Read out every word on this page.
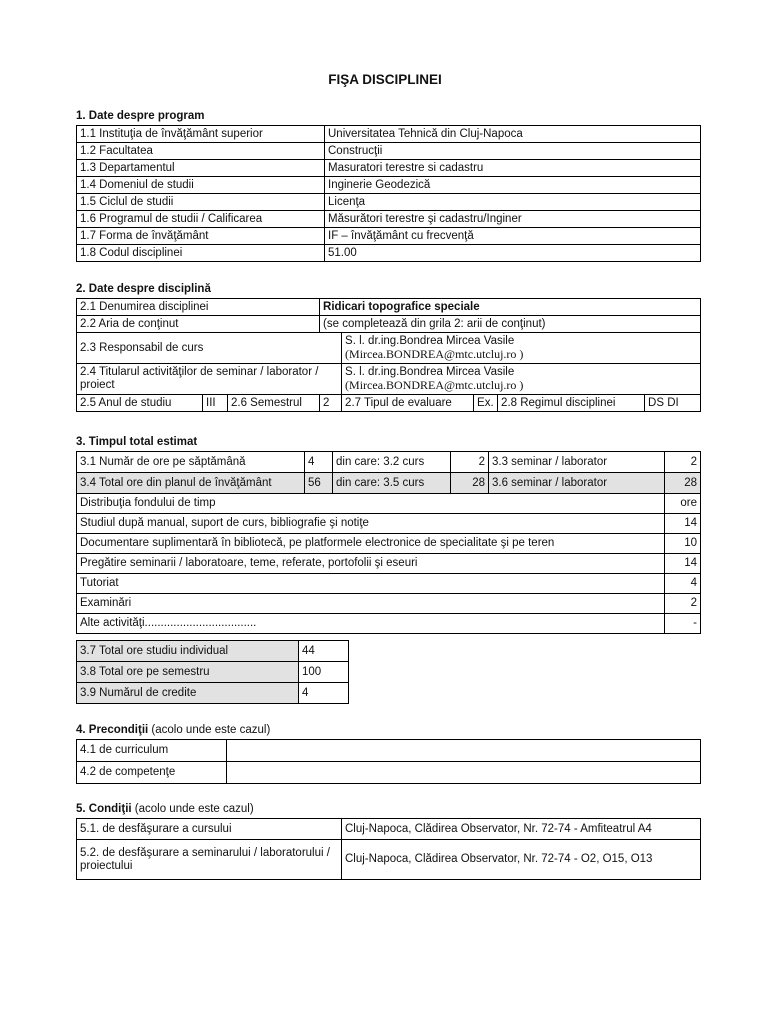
FIŞA DISCIPLINEI
1. Date despre program
1.1 Instituţia de învăţământ superior	Universitatea Tehnică din Cluj-Napoca
1.2 Facultatea	Construcţii
1.3 Departamentul	Masuratori terestre si cadastru
1.4 Domeniul de studii	Inginerie Geodezică
1.5 Ciclul de studii	Licenţa
1.6 Programul de studii / Calificarea	Măsurători terestre şi cadastru/Inginer
1.7 Forma de învăţământ	IF – învăţământ cu frecvenţă
1.8 Codul disciplinei	51.00
2. Date despre disciplină
2.1 Denumirea disciplinei			Ridicari topografice speciale				
2.2 Aria de conţinut			(se completează din grila 2: arii de conţinut)				
2.3 Responsabil de curs				S. l. dr.ing.Bondrea Mircea Vasile
(Mircea.BONDREA@mtc.utcluj.ro )			

2.4 Titularul activităţilor de seminar / laborator / proiect				S. l. dr.ing.Bondrea Mircea Vasile
(Mircea.BONDREA@mtc.utcluj.ro )			

2.5 Anul de studiu	III	2.6 Semestrul	2	2.7 Tipul de evaluare	Ex.	2.8 Regimul disciplinei	DS DI
3. Timpul total estimat
3.1 Număr de ore pe săptămână	4	din care: 3.2 curs	2	3.3 seminar / laborator	2
3.4 Total ore din planul de învăţământ	56	din care: 3.5 curs	28	3.6 seminar / laborator	28
Distribuţia fondului de timp					ore
Studiul după manual, suport de curs, bibliografie şi notiţe					14
Documentare suplimentară în bibliotecă, pe platformele electronice de specialitate şi pe teren					10
Pregătire seminarii / laboratoare, teme, referate, portofolii şi eseuri					14
Tutoriat					4
Examinări					2
Alte activităţi...................................					-
3.7 Total ore studiu individual	44
3.8 Total ore pe semestru	100
3.9 Numărul de credite	4
4. Precondiţii (acolo unde este cazul)
4.1 de curriculum	
4.2 de competenţe	
5. Condiţii (acolo unde este cazul)
5.1. de desfăşurare a cursului	Cluj-Napoca, Clădirea Observator, Nr. 72-74 - Amfiteatrul A4
5.2. de desfăşurare a seminarului / laboratorului / proiectului	Cluj-Napoca, Clădirea Observator, Nr. 72-74 - O2, O15, O13
